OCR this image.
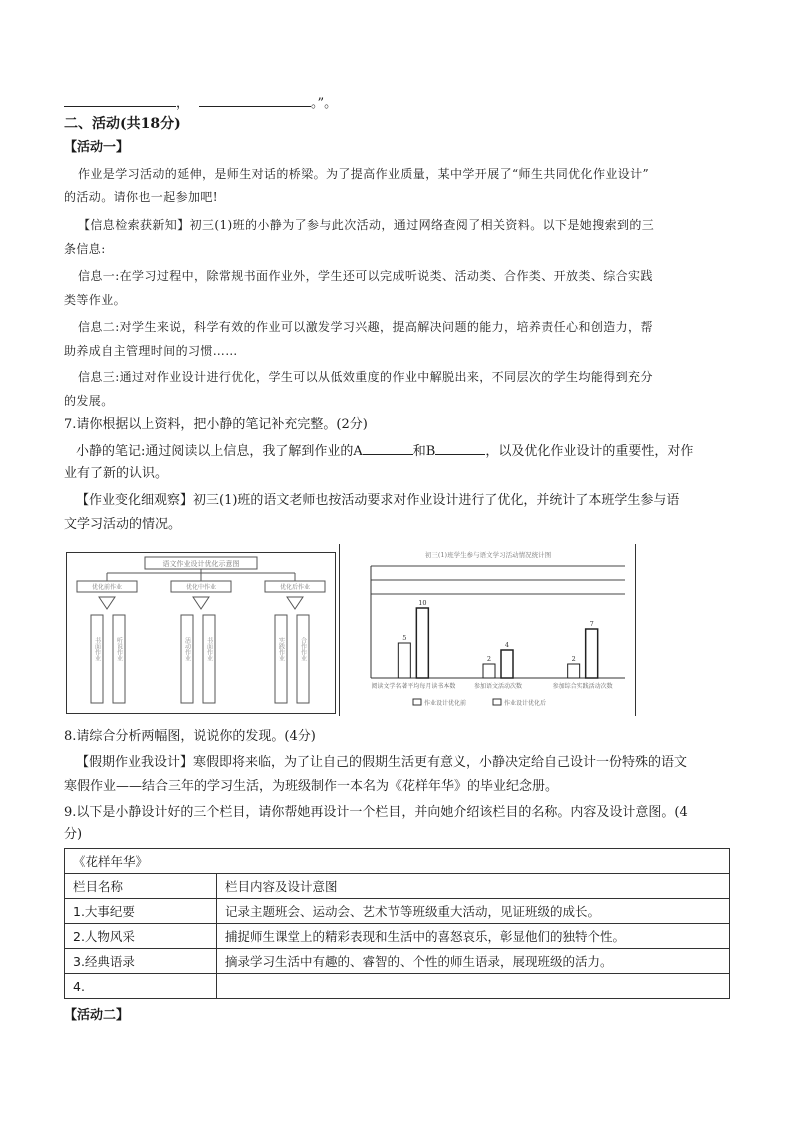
，	。”。
二、活动(共18分)
【活动一】
作业是学习活动的延伸，是师生对话的桥梁。为了提高作业质量，某中学开展了“师生共同优化作业设计”
的活动。请你也一起参加吧!
【信息检索获新知】初三(1)班的小静为了参与此次活动，通过网络查阅了相关资料。以下是她搜索到的三
条信息:
信息一:在学习过程中，除常规书面作业外，学生还可以完成听说类、活动类、合作类、开放类、综合实践
类等作业。
信息二:对学生来说，科学有效的作业可以激发学习兴趣，提高解决问题的能力，培养责任心和创造力，帮
助养成自主管理时间的习惯……
信息三:通过对作业设计进行优化，学生可以从低效重度的作业中解脱出来，不同层次的学生均能得到充分
的发展。
7.请你根据以上资料，把小静的笔记补充完整。(2分)
小静的笔记:通过阅读以上信息，我了解到作业的A	和B	，以及优化作业设计的重要性，对作
业有了新的认识。
【作业变化细观察】初三(1)班的语文老师也按活动要求对作业设计进行了优化，并统计了本班学生参与语
文学习活动的情况。
语文作业设计优化示意图
优化前作业	优化中作业	优化后作业
书面作业	听说作业	活动作业	书面作业	实践作业	合作作业
初三(1)班学生参与语文学习活动情况统计图
5
10
2
4
2
7
阅读文学名著平均每月读书本数	参加语文活动次数	参加综合实践活动次数
作业设计优化前	作业设计优化后
8.请综合分析两幅图，说说你的发现。(4分)
【假期作业我设计】寒假即将来临，为了让自己的假期生活更有意义，小静决定给自己设计一份特殊的语文
寒假作业——结合三年的学习生活，为班级制作一本名为《花样年华》的毕业纪念册。
9.以下是小静设计好的三个栏目，请你帮她再设计一个栏目，并向她介绍该栏目的名称。内容及设计意图。(4
分)
《花样年华》	
栏目名称	栏目内容及设计意图
1.大事纪要	记录主题班会、运动会、艺术节等班级重大活动，见证班级的成长。
2.人物风采	捕捉师生课堂上的精彩表现和生活中的喜怒哀乐，彰显他们的独特个性。
3.经典语录	摘录学习生活中有趣的、睿智的、个性的师生语录，展现班级的活力。
4.	
【活动二】
